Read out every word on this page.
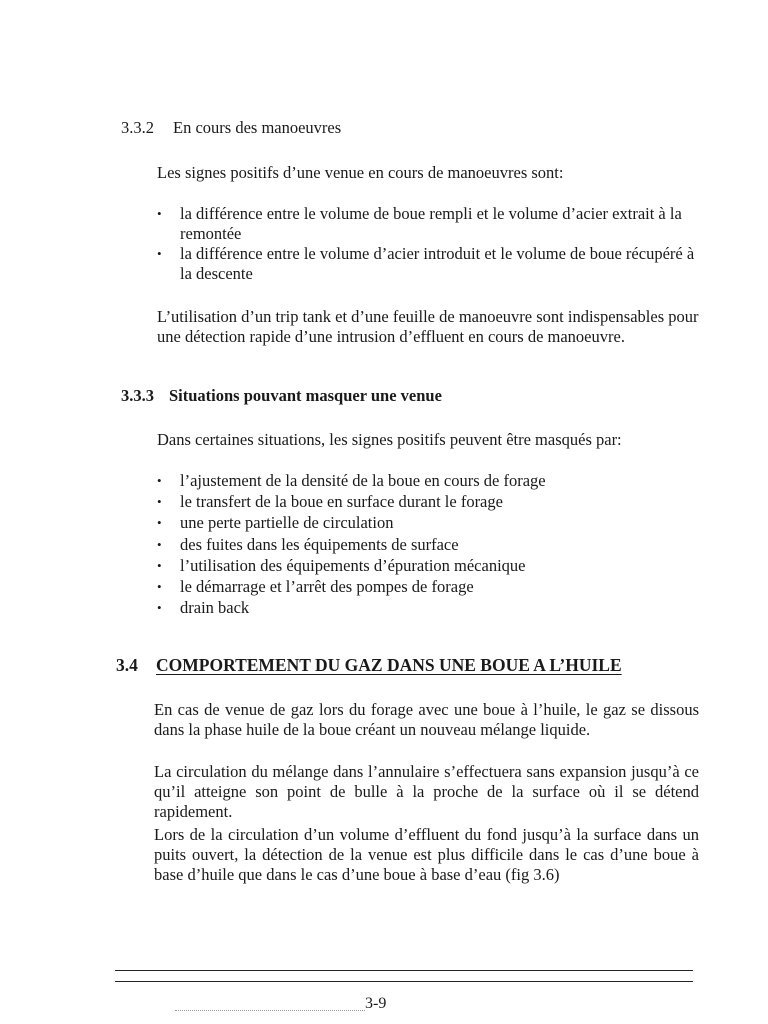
3.3.2 En cours des manoeuvres

Les signes positifs d’une venue en cours de manoeuvres sont:

• la différence entre le volume de boue rempli et le volume d’acier extrait à la remontée
• la différence entre le volume d’acier introduit et le volume de boue récupéré à la descente

L’utilisation d’un trip tank et d’une feuille de manoeuvre sont indispensables pour une détection rapide d’une intrusion d’effluent en cours de manoeuvre.

3.3.3 Situations pouvant masquer une venue

Dans certaines situations, les signes positifs peuvent être masqués par:

• l’ajustement de la densité de la boue en cours de forage
• le transfert de la boue en surface durant le forage
• une perte partielle de circulation
• des fuites dans les équipements de surface
• l’utilisation des équipements d’épuration mécanique
• le démarrage et l’arrêt des pompes de forage
• drain back
3.4 COMPORTEMENT DU GAZ DANS UNE BOUE A L’HUILE

En cas de venue de gaz lors du forage avec une boue à l’huile, le gaz se dissous dans la phase huile de la boue créant un nouveau mélange liquide.

La circulation du mélange dans l’annulaire s’effectuera sans expansion jusqu’à ce qu’il atteigne son point de bulle à la proche de la surface où il se détend rapidement.

Lors de la circulation d’un volume d’effluent du fond jusqu’à la surface dans un puits ouvert, la détection de la venue est plus difficile dans le cas d’une boue à base d’huile que dans le cas d’une boue à base d’eau (fig 3.6)

3-9
